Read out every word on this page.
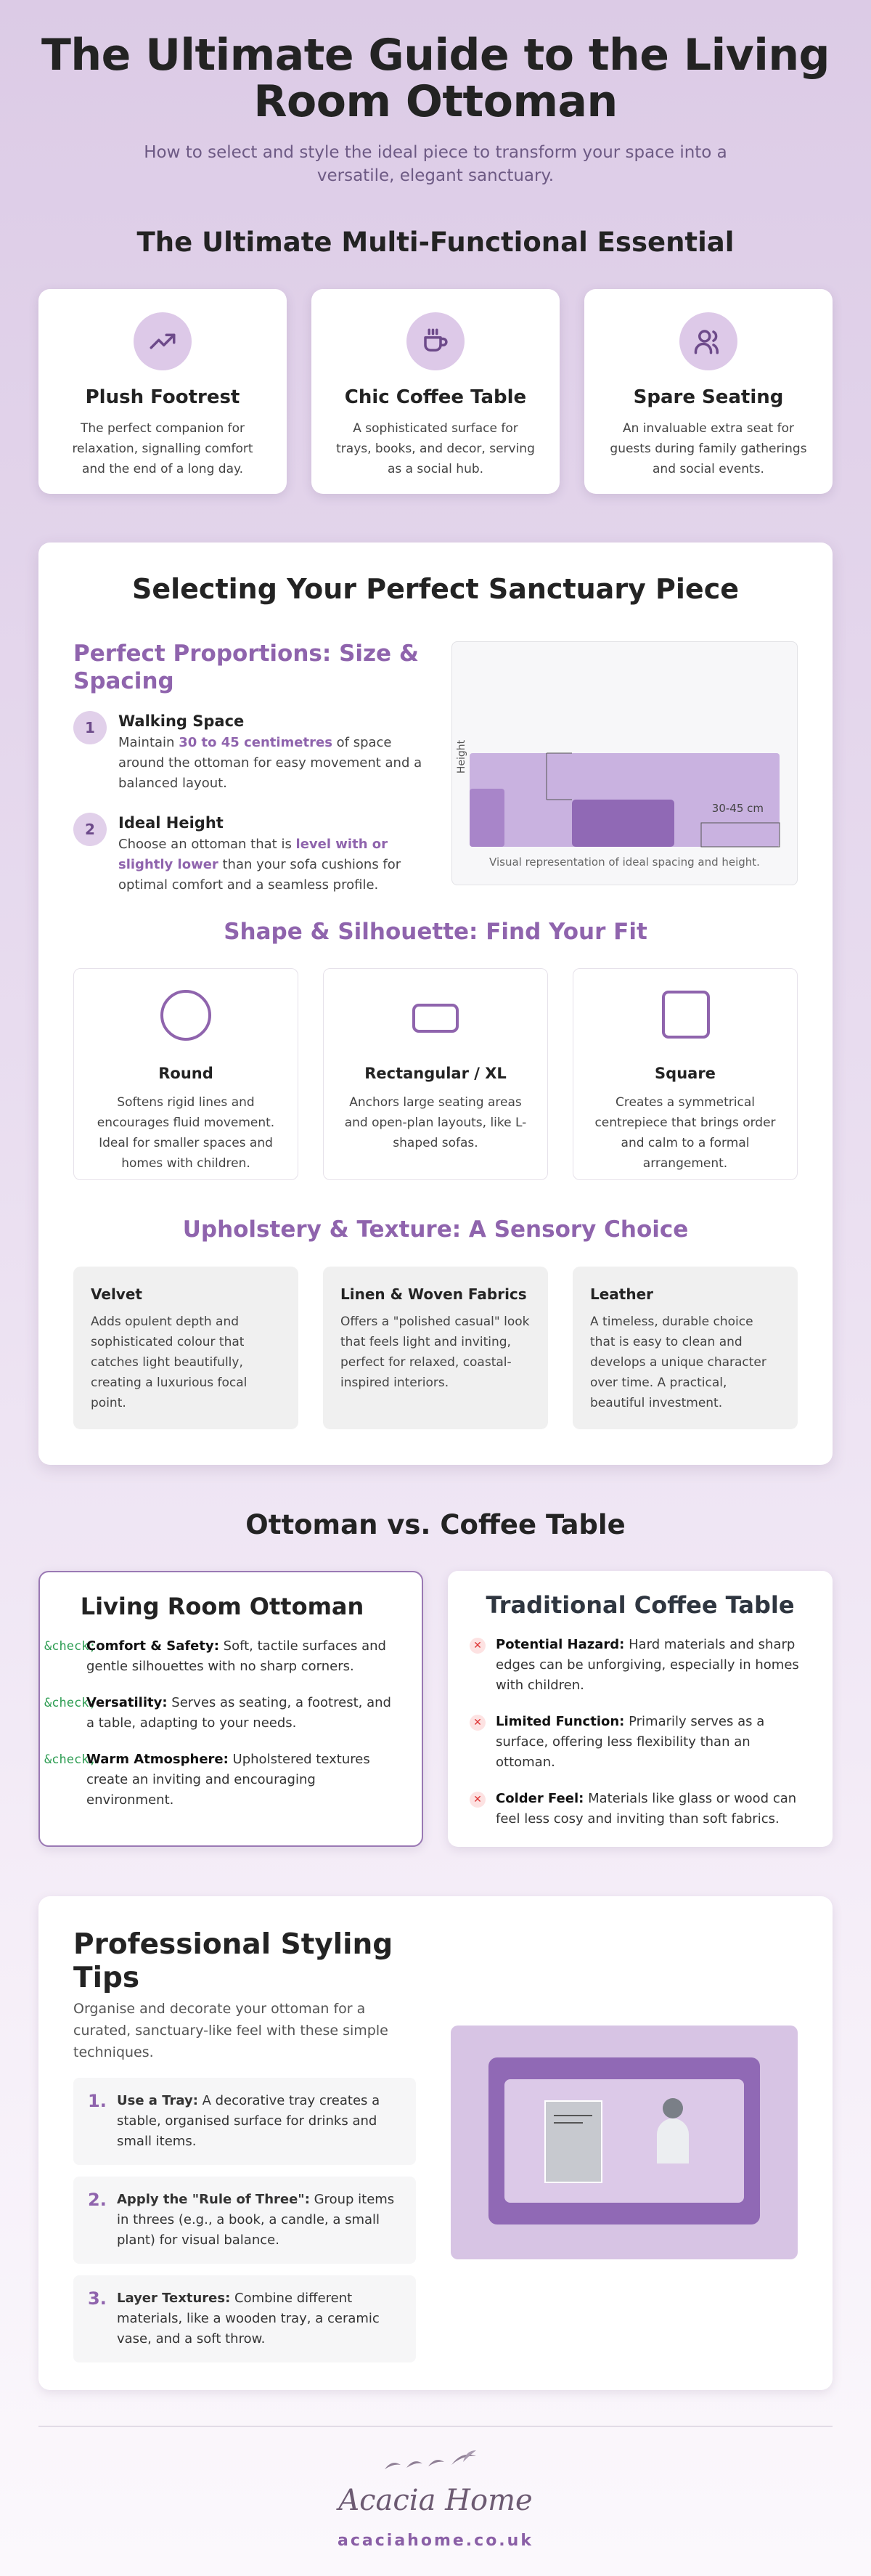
The Ultimate Guide to the Living Room Ottoman

How to select and style the ideal piece to transform your space into a versatile, elegant sanctuary.

The Ultimate Multi-Functional Essential
Plush Footrest

The perfect companion for relaxation, signalling comfort and the end of a long day.

Chic Coffee Table

A sophisticated surface for trays, books, and decor, serving as a social hub.

Spare Seating

An invaluable extra seat for guests during family gatherings and social events.

Selecting Your Perfect Sanctuary Piece
Perfect Proportions: Size & Spacing
1	Walking Space

Maintain 30 to 45 centimetres of space around the ottoman for easy movement and a balanced layout.

2	Ideal Height

Choose an ottoman that is level with or slightly lower than your sofa cushions for optimal comfort and a seamless profile.

Height
30-45 cm
Visual representation of ideal spacing and height.
Shape & Silhouette: Find Your Fit
Round

Softens rigid lines and encourages fluid movement. Ideal for smaller spaces and homes with children.

Rectangular / XL

Anchors large seating areas and open-plan layouts, like L-shaped sofas.

Square

Creates a symmetrical centrepiece that brings order and calm to a formal arrangement.

Upholstery & Texture: A Sensory Choice
Velvet

Adds opulent depth and sophisticated colour that catches light beautifully, creating a luxurious focal point.

Linen & Woven Fabrics

Offers a "polished casual" look that feels light and inviting, perfect for relaxed, coastal-inspired interiors.

Leather

A timeless, durable choice that is easy to clean and develops a unique character over time. A practical, beautiful investment.

Ottoman vs. Coffee Table
Living Room Ottoman
&check;

Comfort & Safety: Soft, tactile surfaces and gentle silhouettes with no sharp corners.

&check;

Versatility: Serves as seating, a footrest, and a table, adapting to your needs.

&check;

Warm Atmosphere: Upholstered textures create an inviting and encouraging environment.

Traditional Coffee Table
✕ Potential Hazard: Hard materials and sharp edges can be unforgiving, especially in homes with children.

✕ Limited Function: Primarily serves as a surface, offering less flexibility than an ottoman.

✕ Colder Feel: Materials like glass or wood can feel less cosy and inviting than soft fabrics.

Professional Styling Tips

Organise and decorate your ottoman for a curated, sanctuary-like feel with these simple techniques.

1. Use a Tray: A decorative tray creates a stable, organised surface for drinks and small items.

2. Apply the "Rule of Three": Group items in threes (e.g., a book, a candle, a small plant) for visual balance.

3. Layer Textures: Combine different materials, like a wooden tray, a ceramic vase, and a soft throw.

Acacia Home
acaciahome.co.uk
